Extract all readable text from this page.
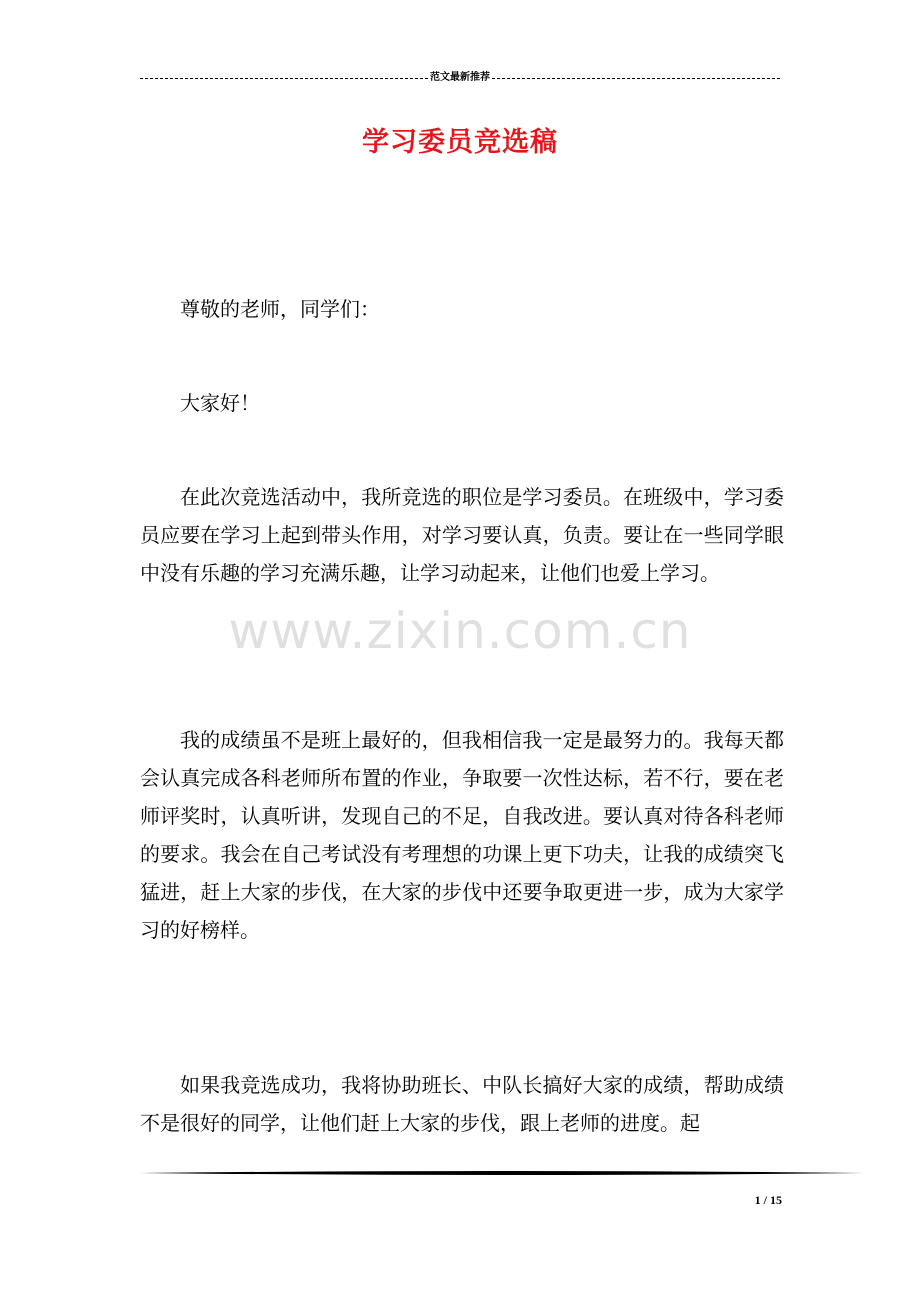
范文最新推荐
学习委员竞选稿

尊敬的老师，同学们：

大家好！

在此次竞选活动中，我所竞选的职位是学习委员。在班级中，学习委员应要在学习上起到带头作用，对学习要认真，负责。要让在一些同学眼中没有乐趣的学习充满乐趣，让学习动起来，让他们也爱上学习。

我的成绩虽不是班上最好的，但我相信我一定是最努力的。我每天都会认真完成各科老师所布置的作业，争取要一次性达标，若不行，要在老师评奖时，认真听讲，发现自己的不足，自我改进。要认真对待各科老师的要求。我会在自己考试没有考理想的功课上更下功夫，让我的成绩突飞猛进，赶上大家的步伐，在大家的步伐中还要争取更进一步，成为大家学习的好榜样。

如果我竞选成功，我将协助班长、中队长搞好大家的成绩，帮助成绩不是很好的同学，让他们赶上大家的步伐，跟上老师的进度。起

www.zixin.com.cn
1 / 15
